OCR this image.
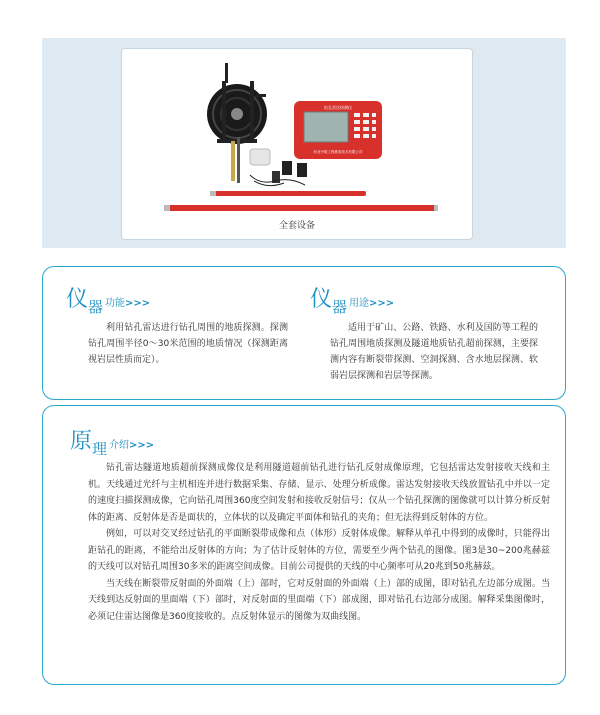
钻孔雷达探测仪
河北中联工程勘查技术有限公司
全套设备
仪$_器$ 功能>>>

利用钻孔雷达进行钻孔周围的地质探测。探测钻孔周围半径0～30米范围的地质情况（探测距离视岩层性质而定）。

仪$_器$ 用途>>>

适用于矿山、公路、铁路、水利及国防等工程的钻孔周围地质探测及隧道地质钻孔超前探测，主要探测内容有断裂带探测、空洞探测、含水地层探测、软弱岩层探测和岩层等探测。

原$_理$ 介绍>>>

钻孔雷达隧道地质超前探测成像仪是利用隧道超前钻孔进行钻孔反射成像原理，它包括雷达发射接收天线和主机。天线通过光纤与主机相连并进行数据采集、存储、显示、处理分析成像。雷达发射接收天线放置钻孔中并以一定的速度扫描探测成像，它向钻孔周围360度空间发射和接收反射信号；仅从一个钻孔探测的图像就可以计算分析反射体的距离、反射体是否是面状的，立体状的以及确定平面体和钻孔的夹角；但无法得到反射体的方位。

例如，可以对交叉经过钻孔的平面断裂带成像和点（体形）反射体成像。解释从单孔中得到的成像时，只能得出距钻孔的距离，不能给出反射体的方向；为了估计反射体的方位，需要至少两个钻孔的图像。图3是30~200兆赫兹的天线可以对钻孔周围30多米的距离空间成像。目前公司提供的天线的中心频率可从20兆到50兆赫兹。

当天线在断裂带反射面的外面端（上）部时，它对反射面的外面端（上）部的成图，即对钻孔左边部分成图。当天线到达反射面的里面端（下）部时，对反射面的里面端（下）部成图，即对钻孔右边部分成图。解释采集图像时，必须记住雷达图像是360度接收的。点反射体显示的图像为双曲线图。
